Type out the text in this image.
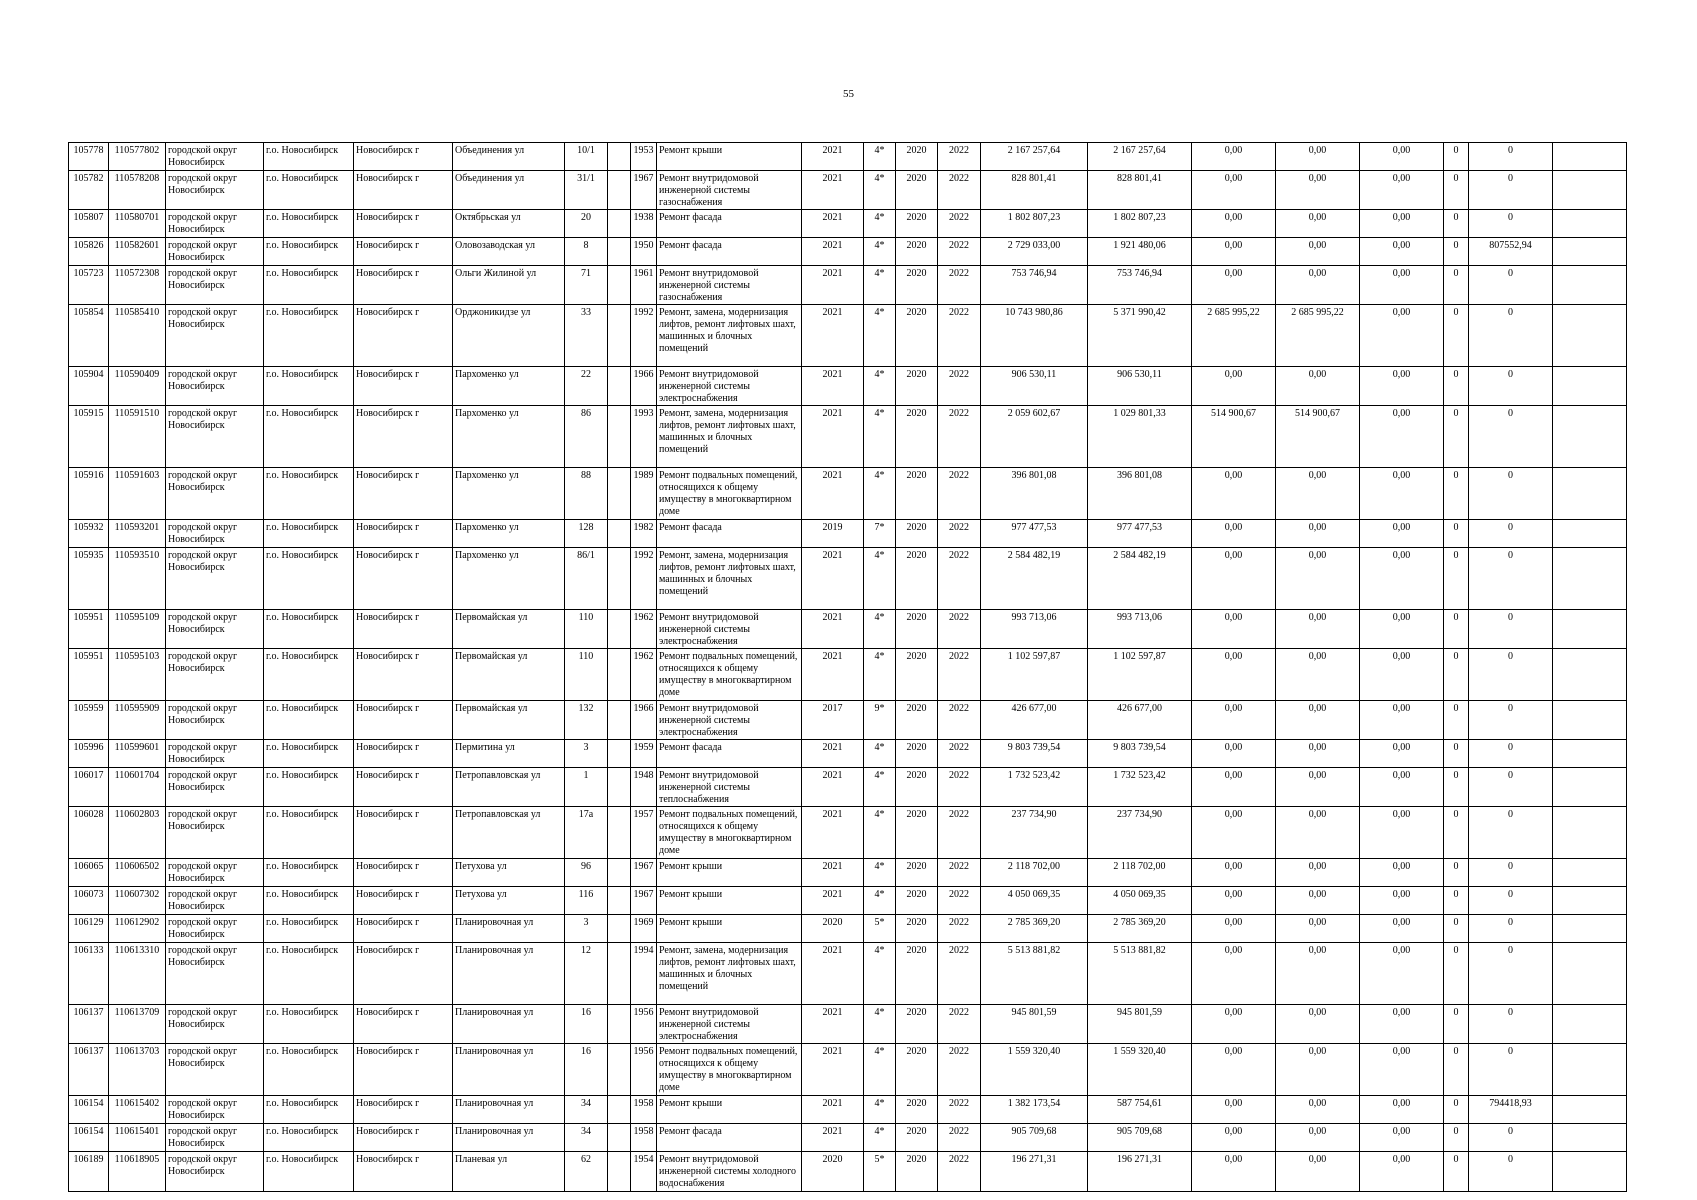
55
105778	110577802	городской округ Новосибирск	г.о. Новосибирск	Новосибирск г	Объединения ул	10/1		1953	Ремонт крыши	2021	4*	2020	2022	2 167 257,64	2 167 257,64	0,00	0,00	0,00	0	0	
105782	110578208	городской округ Новосибирск	г.о. Новосибирск	Новосибирск г	Объединения ул	31/1		1967	Ремонт внутридомовой инженерной системы газоснабжения	2021	4*	2020	2022	828 801,41	828 801,41	0,00	0,00	0,00	0	0	
105807	110580701	городской округ Новосибирск	г.о. Новосибирск	Новосибирск г	Октябрьская ул	20		1938	Ремонт фасада	2021	4*	2020	2022	1 802 807,23	1 802 807,23	0,00	0,00	0,00	0	0	
105826	110582601	городской округ Новосибирск	г.о. Новосибирск	Новосибирск г	Оловозаводская ул	8		1950	Ремонт фасада	2021	4*	2020	2022	2 729 033,00	1 921 480,06	0,00	0,00	0,00	0	807552,94	
105723	110572308	городской округ Новосибирск	г.о. Новосибирск	Новосибирск г	Ольги Жилиной ул	71		1961	Ремонт внутридомовой инженерной системы газоснабжения	2021	4*	2020	2022	753 746,94	753 746,94	0,00	0,00	0,00	0	0	
105854	110585410	городской округ Новосибирск	г.о. Новосибирск	Новосибирск г	Орджоникидзе ул	33		1992	Ремонт, замена, модернизация лифтов, ремонт лифтовых шахт, машинных и блочных помещений	2021	4*	2020	2022	10 743 980,86	5 371 990,42	2 685 995,22	2 685 995,22	0,00	0	0	
105904	110590409	городской округ Новосибирск	г.о. Новосибирск	Новосибирск г	Пархоменко ул	22		1966	Ремонт внутридомовой инженерной системы электроснабжения	2021	4*	2020	2022	906 530,11	906 530,11	0,00	0,00	0,00	0	0	
105915	110591510	городской округ Новосибирск	г.о. Новосибирск	Новосибирск г	Пархоменко ул	86		1993	Ремонт, замена, модернизация лифтов, ремонт лифтовых шахт, машинных и блочных помещений	2021	4*	2020	2022	2 059 602,67	1 029 801,33	514 900,67	514 900,67	0,00	0	0	
105916	110591603	городской округ Новосибирск	г.о. Новосибирск	Новосибирск г	Пархоменко ул	88		1989	Ремонт подвальных помещений, относящихся к общему имуществу в многоквартирном доме	2021	4*	2020	2022	396 801,08	396 801,08	0,00	0,00	0,00	0	0	
105932	110593201	городской округ Новосибирск	г.о. Новосибирск	Новосибирск г	Пархоменко ул	128		1982	Ремонт фасада	2019	7*	2020	2022	977 477,53	977 477,53	0,00	0,00	0,00	0	0	
105935	110593510	городской округ Новосибирск	г.о. Новосибирск	Новосибирск г	Пархоменко ул	86/1		1992	Ремонт, замена, модернизация лифтов, ремонт лифтовых шахт, машинных и блочных помещений	2021	4*	2020	2022	2 584 482,19	2 584 482,19	0,00	0,00	0,00	0	0	
105951	110595109	городской округ Новосибирск	г.о. Новосибирск	Новосибирск г	Первомайская ул	110		1962	Ремонт внутридомовой инженерной системы электроснабжения	2021	4*	2020	2022	993 713,06	993 713,06	0,00	0,00	0,00	0	0	
105951	110595103	городской округ Новосибирск	г.о. Новосибирск	Новосибирск г	Первомайская ул	110		1962	Ремонт подвальных помещений, относящихся к общему имуществу в многоквартирном доме	2021	4*	2020	2022	1 102 597,87	1 102 597,87	0,00	0,00	0,00	0	0	
105959	110595909	городской округ Новосибирск	г.о. Новосибирск	Новосибирск г	Первомайская ул	132		1966	Ремонт внутридомовой инженерной системы электроснабжения	2017	9*	2020	2022	426 677,00	426 677,00	0,00	0,00	0,00	0	0	
105996	110599601	городской округ Новосибирск	г.о. Новосибирск	Новосибирск г	Пермитина ул	3		1959	Ремонт фасада	2021	4*	2020	2022	9 803 739,54	9 803 739,54	0,00	0,00	0,00	0	0	
106017	110601704	городской округ Новосибирск	г.о. Новосибирск	Новосибирск г	Петропавловская ул	1		1948	Ремонт внутридомовой инженерной системы теплоснабжения	2021	4*	2020	2022	1 732 523,42	1 732 523,42	0,00	0,00	0,00	0	0	
106028	110602803	городской округ Новосибирск	г.о. Новосибирск	Новосибирск г	Петропавловская ул	17а		1957	Ремонт подвальных помещений, относящихся к общему имуществу в многоквартирном доме	2021	4*	2020	2022	237 734,90	237 734,90	0,00	0,00	0,00	0	0	
106065	110606502	городской округ Новосибирск	г.о. Новосибирск	Новосибирск г	Петухова ул	96		1967	Ремонт крыши	2021	4*	2020	2022	2 118 702,00	2 118 702,00	0,00	0,00	0,00	0	0	
106073	110607302	городской округ Новосибирск	г.о. Новосибирск	Новосибирск г	Петухова ул	116		1967	Ремонт крыши	2021	4*	2020	2022	4 050 069,35	4 050 069,35	0,00	0,00	0,00	0	0	
106129	110612902	городской округ Новосибирск	г.о. Новосибирск	Новосибирск г	Планировочная ул	3		1969	Ремонт крыши	2020	5*	2020	2022	2 785 369,20	2 785 369,20	0,00	0,00	0,00	0	0	
106133	110613310	городской округ Новосибирск	г.о. Новосибирск	Новосибирск г	Планировочная ул	12		1994	Ремонт, замена, модернизация лифтов, ремонт лифтовых шахт, машинных и блочных помещений	2021	4*	2020	2022	5 513 881,82	5 513 881,82	0,00	0,00	0,00	0	0	
106137	110613709	городской округ Новосибирск	г.о. Новосибирск	Новосибирск г	Планировочная ул	16		1956	Ремонт внутридомовой инженерной системы электроснабжения	2021	4*	2020	2022	945 801,59	945 801,59	0,00	0,00	0,00	0	0	
106137	110613703	городской округ Новосибирск	г.о. Новосибирск	Новосибирск г	Планировочная ул	16		1956	Ремонт подвальных помещений, относящихся к общему имуществу в многоквартирном доме	2021	4*	2020	2022	1 559 320,40	1 559 320,40	0,00	0,00	0,00	0	0	
106154	110615402	городской округ Новосибирск	г.о. Новосибирск	Новосибирск г	Планировочная ул	34		1958	Ремонт крыши	2021	4*	2020	2022	1 382 173,54	587 754,61	0,00	0,00	0,00	0	794418,93	
106154	110615401	городской округ Новосибирск	г.о. Новосибирск	Новосибирск г	Планировочная ул	34		1958	Ремонт фасада	2021	4*	2020	2022	905 709,68	905 709,68	0,00	0,00	0,00	0	0	
106189	110618905	городской округ Новосибирск	г.о. Новосибирск	Новосибирск г	Планевая ул	62		1954	Ремонт внутридомовой инженерной системы холодного водоснабжения	2020	5*	2020	2022	196 271,31	196 271,31	0,00	0,00	0,00	0	0	
